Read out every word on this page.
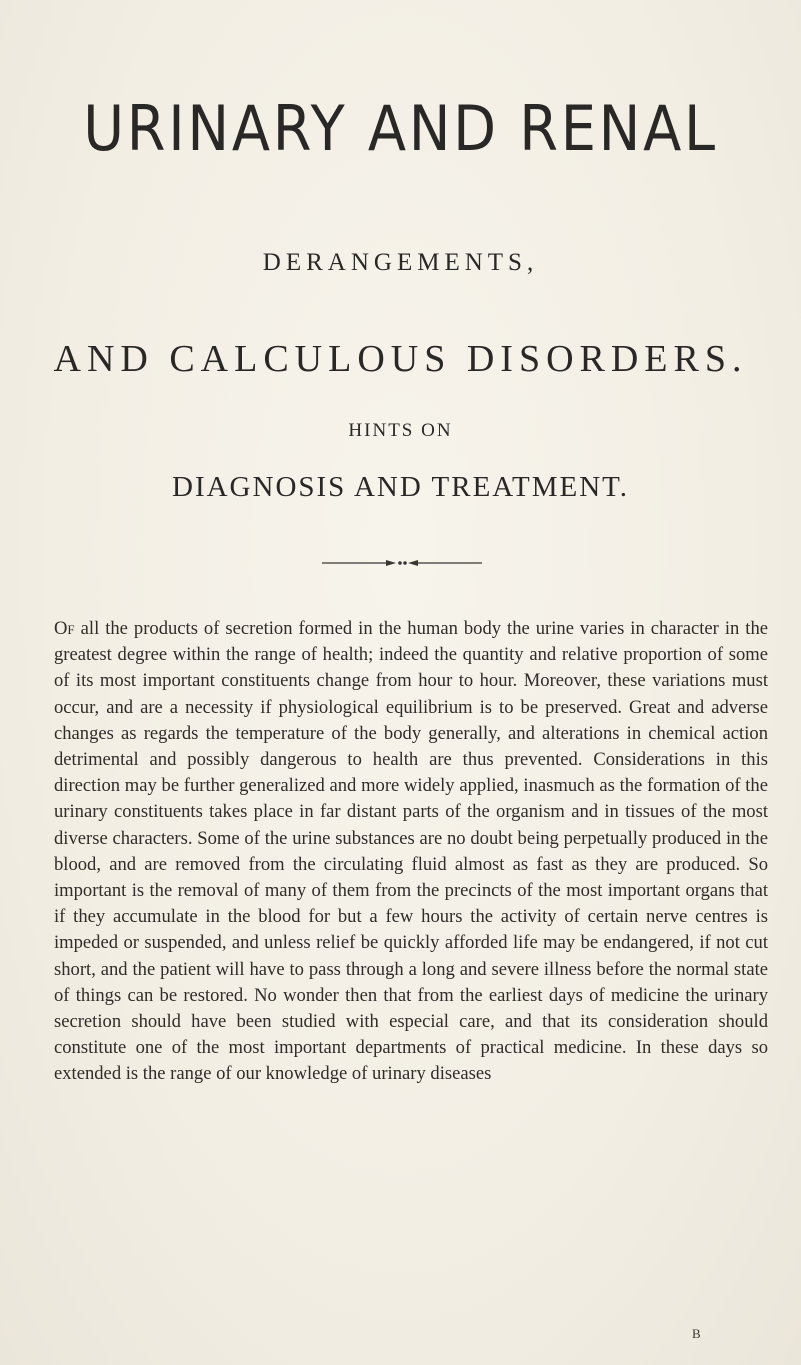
URINARY AND RENAL
DERANGEMENTS,
AND CALCULOUS DISORDERS.
HINTS ON
DIAGNOSIS AND TREATMENT.
Of all the products of secretion formed in the human body the urine varies in character in the greatest degree within the range of health; indeed the quantity and relative proportion of some of its most important constituents change from hour to hour. Moreover, these variations must occur, and are a necessity if physiological equilibrium is to be preserved. Great and adverse changes as regards the temperature of the body generally, and alterations in chemical action detrimental and possibly dangerous to health are thus prevented. Considerations in this direction may be further generalized and more widely applied, inasmuch as the formation of the urinary constituents takes place in far distant parts of the organism and in tissues of the most diverse characters. Some of the urine substances are no doubt being perpetually produced in the blood, and are removed from the circulating fluid almost as fast as they are produced. So important is the removal of many of them from the precincts of the most important organs that if they accumulate in the blood for but a few hours the activity of certain nerve centres is impeded or suspended, and unless relief be quickly afforded life may be endangered, if not cut short, and the patient will have to pass through a long and severe illness before the normal state of things can be restored. No wonder then that from the earliest days of medicine the urinary secretion should have been studied with especial care, and that its consideration should constitute one of the most important departments of practical medicine. In these days so extended is the range of our knowledge of urinary diseases
B
